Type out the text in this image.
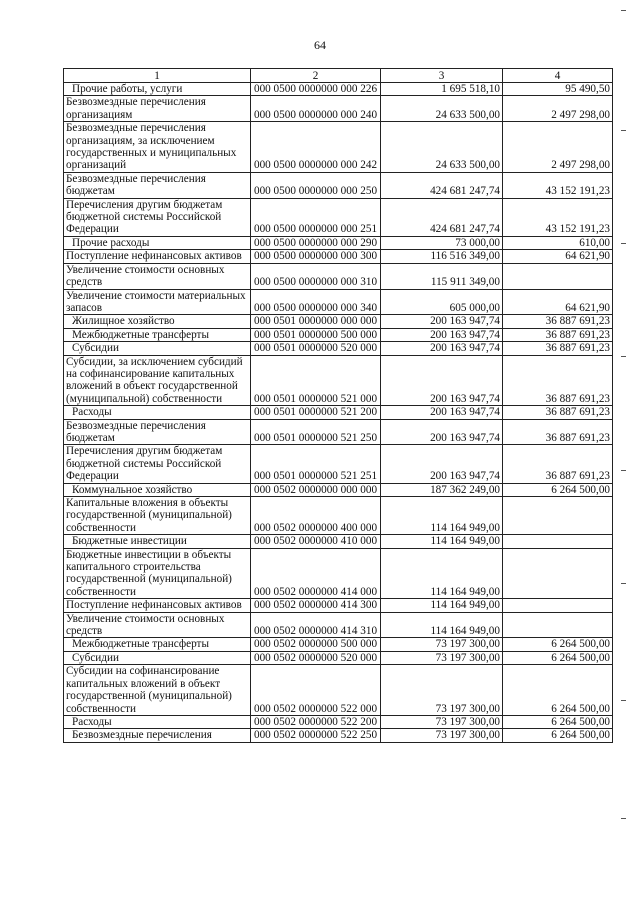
64
1	2	3	4
Прочие работы, услуги	000 0500 0000000 000 226	1 695 518,10	95 490,50
Безвозмездные перечисления организациям	000 0500 0000000 000 240	24 633 500,00	2 497 298,00
Безвозмездные перечисления организациям, за исключением государственных и муниципальных организаций	000 0500 0000000 000 242	24 633 500,00	2 497 298,00
Безвозмездные перечисления бюджетам	000 0500 0000000 000 250	424 681 247,74	43 152 191,23
Перечисления другим бюджетам бюджетной системы Российской Федерации	000 0500 0000000 000 251	424 681 247,74	43 152 191,23
Прочие расходы	000 0500 0000000 000 290	73 000,00	610,00
Поступление нефинансовых активов	000 0500 0000000 000 300	116 516 349,00	64 621,90
Увеличение стоимости основных средств	000 0500 0000000 000 310	115 911 349,00	
Увеличение стоимости материальных запасов	000 0500 0000000 000 340	605 000,00	64 621,90
Жилищное хозяйство	000 0501 0000000 000 000	200 163 947,74	36 887 691,23
Межбюджетные трансферты	000 0501 0000000 500 000	200 163 947,74	36 887 691,23
Субсидии	000 0501 0000000 520 000	200 163 947,74	36 887 691,23
Субсидии, за исключением субсидий на софинансирование капитальных вложений в объект государственной (муниципальной) собственности	000 0501 0000000 521 000	200 163 947,74	36 887 691,23
Расходы	000 0501 0000000 521 200	200 163 947,74	36 887 691,23
Безвозмездные перечисления бюджетам	000 0501 0000000 521 250	200 163 947,74	36 887 691,23
Перечисления другим бюджетам бюджетной системы Российской Федерации	000 0501 0000000 521 251	200 163 947,74	36 887 691,23
Коммунальное хозяйство	000 0502 0000000 000 000	187 362 249,00	6 264 500,00
Капитальные вложения в объекты государственной (муниципальной) собственности	000 0502 0000000 400 000	114 164 949,00	
Бюджетные инвестиции	000 0502 0000000 410 000	114 164 949,00	
Бюджетные инвестиции в объекты капитального строительства государственной (муниципальной) собственности	000 0502 0000000 414 000	114 164 949,00	
Поступление нефинансовых активов	000 0502 0000000 414 300	114 164 949,00	
Увеличение стоимости основных средств	000 0502 0000000 414 310	114 164 949,00	
Межбюджетные трансферты	000 0502 0000000 500 000	73 197 300,00	6 264 500,00
Субсидии	000 0502 0000000 520 000	73 197 300,00	6 264 500,00
Субсидии на софинансирование капитальных вложений в объект государственной (муниципальной) собственности	000 0502 0000000 522 000	73 197 300,00	6 264 500,00
Расходы	000 0502 0000000 522 200	73 197 300,00	6 264 500,00
Безвозмездные перечисления	000 0502 0000000 522 250	73 197 300,00	6 264 500,00
